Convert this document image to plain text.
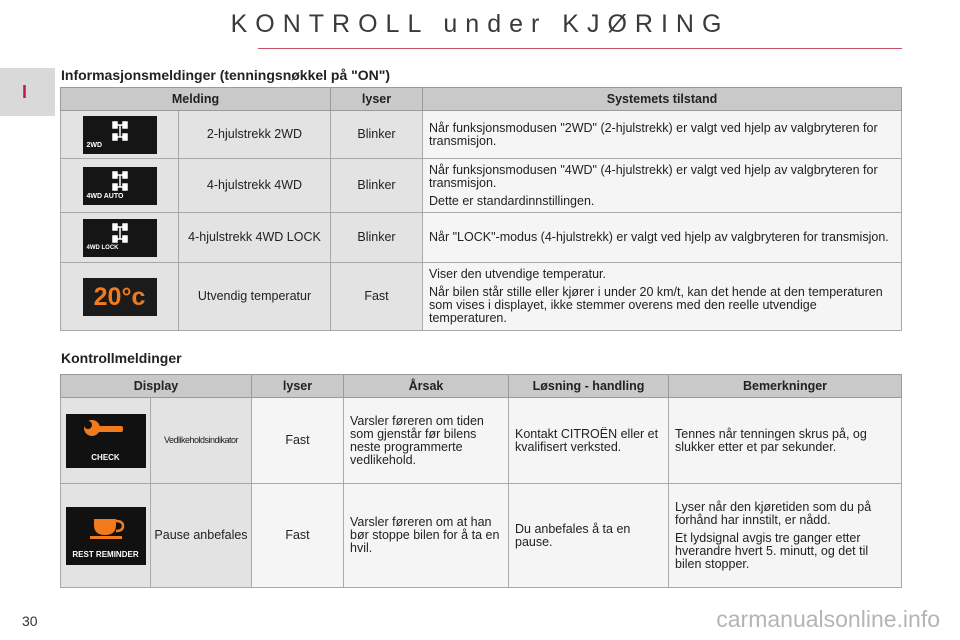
KONTROLL under KJØRING
I
Informasjonsmeldinger (tenningsnøkkel på "ON")
Melding		lyser	Systemets tilstand

2WD	2-hjulstrekk 2WD	Blinker	Når funksjonsmodusen "2WD" (2-hjulstrekk) er valgt ved hjelp av valgbryteren for transmisjon.

4WD AUTO	4-hjulstrekk 4WD	Blinker	Når funksjonsmodusen "4WD" (4-hjulstrekk) er valgt ved hjelp av valgbryteren for transmisjon.

Dette er standardinnstillingen.

4WD LOCK	4-hjulstrekk 4WD LOCK	Blinker	Når "LOCK"-modus (4-hjulstrekk) er valgt ved hjelp av valgbryteren for transmisjon.

20°c	Utvendig temperatur	Fast	Viser den utvendige temperatur.

Når bilen står stille eller kjører i under 20 km/t, kan det hende at den temperaturen som vises i displayet, ikke stemmer overens med den reelle utvendige temperaturen.

Kontrollmeldinger
Display		lyser	Årsak	Løsning - handling	Bemerkninger

CHECK	Vedlikeholdsindikator	Fast	Varsler føreren om tiden som gjenstår før bilens neste programmerte vedlikehold.	Kontakt CITROËN eller et kvalifisert verksted.	Tennes når tenningen skrus på, og slukker etter et par sekunder.

REST REMINDER	Pause anbefales	Fast	Varsler føreren om at han bør stoppe bilen for å ta en hvil.	Du anbefales å ta en pause.	Lyser når den kjøretiden som du på forhånd har innstilt, er nådd.

Et lydsignal avgis tre ganger etter hverandre hvert 5. minutt, og det til bilen stopper.

30	carmanualsonline.info
